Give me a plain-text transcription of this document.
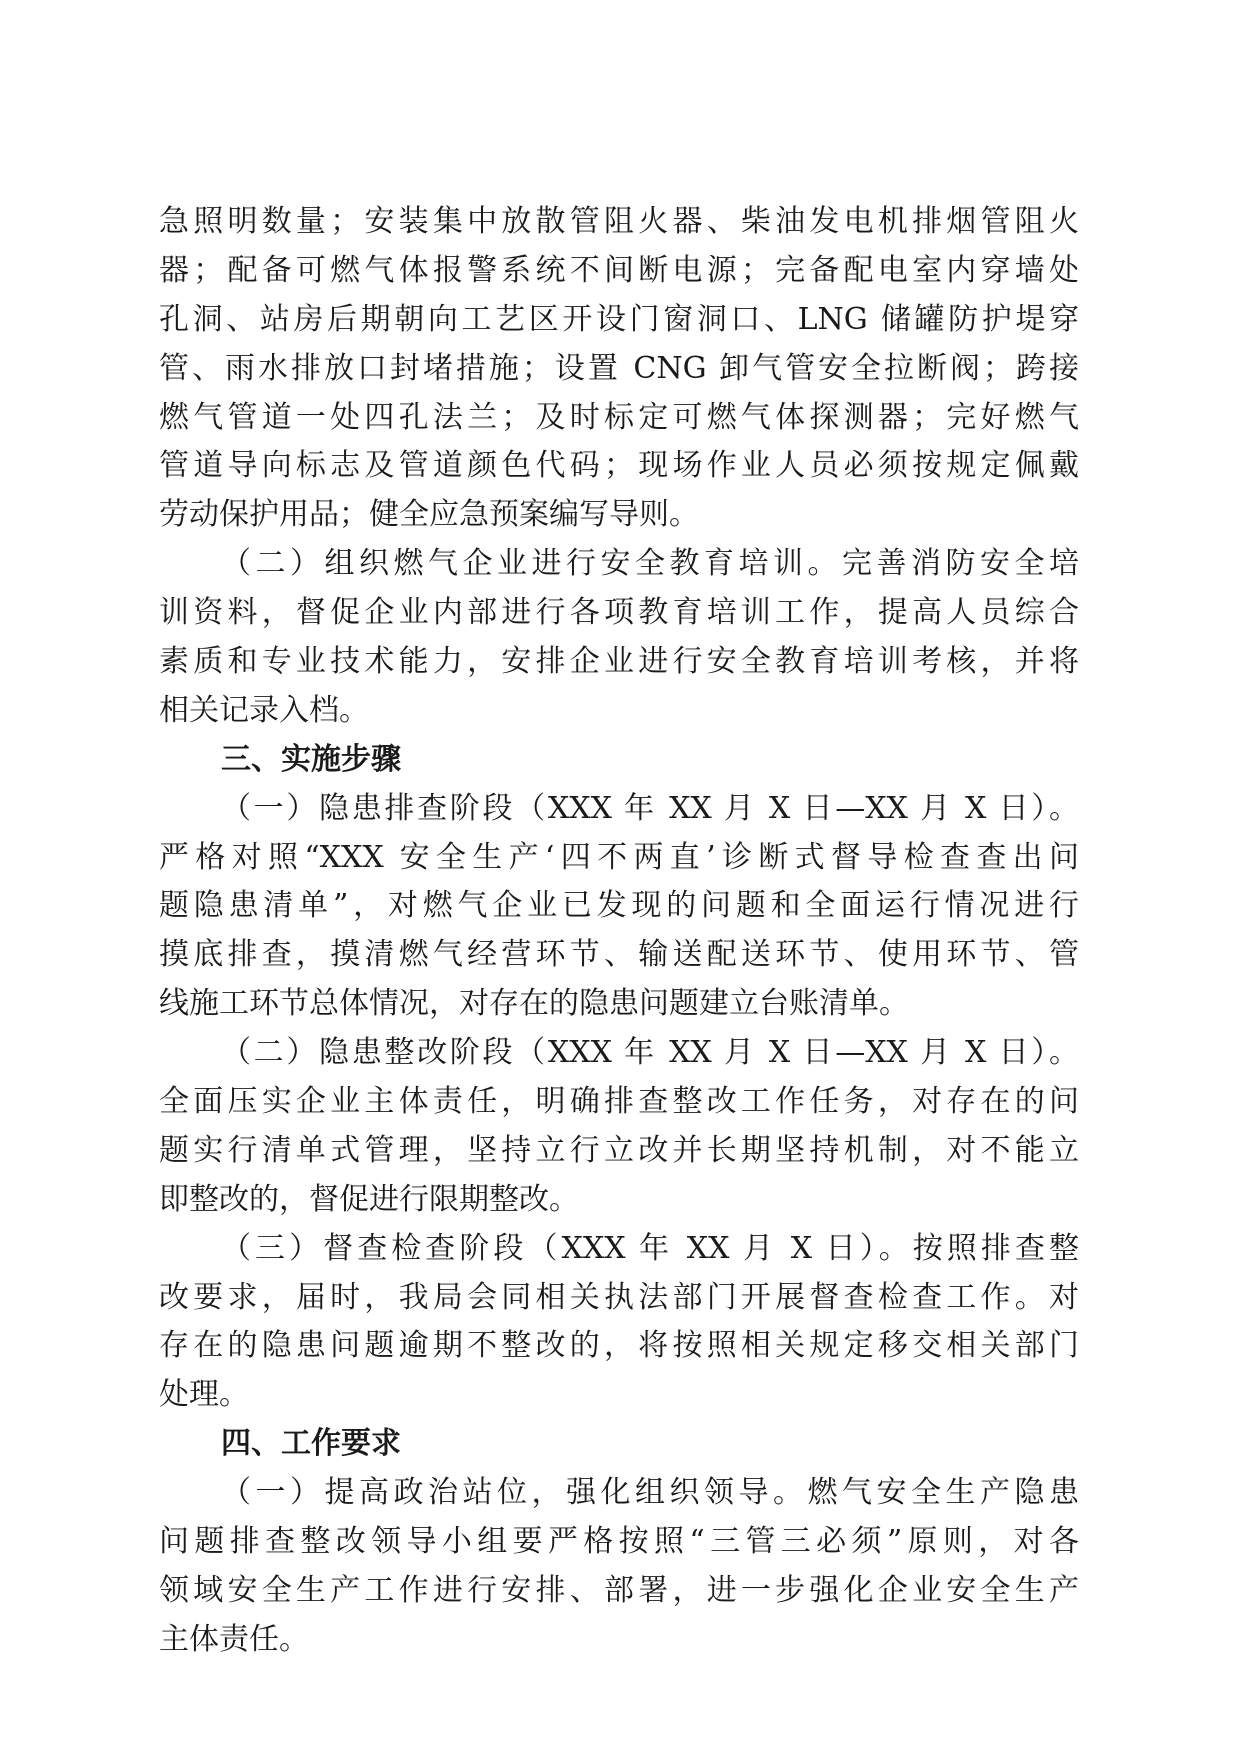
急照明数量；安装集中放散管阻火器、柴油发电机排烟管阻火
器；配备可燃气体报警系统不间断电源；完备配电室内穿墙处
孔洞、站房后期朝向工艺区开设门窗洞口、LNG 储罐防护堤穿
管、雨水排放口封堵措施；设置 CNG 卸气管安全拉断阀；跨接
燃气管道一处四孔法兰；及时标定可燃气体探测器；完好燃气
管道导向标志及管道颜色代码；现场作业人员必须按规定佩戴
劳动保护用品；健全应急预案编写导则。
（二）组织燃气企业进行安全教育培训。完善消防安全培
训资料，督促企业内部进行各项教育培训工作，提高人员综合
素质和专业技术能力，安排企业进行安全教育培训考核，并将
相关记录入档。
三、实施步骤
（一）隐患排查阶段（XXX 年 XX 月 X 日—XX 月 X 日）。
严格对照“XXX 安全生产‘四不两直’诊断式督导检查查出问
题隐患清单”，对燃气企业已发现的问题和全面运行情况进行
摸底排查，摸清燃气经营环节、输送配送环节、使用环节、管
线施工环节总体情况，对存在的隐患问题建立台账清单。
（二）隐患整改阶段（XXX 年 XX 月 X 日—XX 月 X 日）。
全面压实企业主体责任，明确排查整改工作任务，对存在的问
题实行清单式管理，坚持立行立改并长期坚持机制，对不能立
即整改的，督促进行限期整改。
（三）督查检查阶段（XXX 年 XX 月 X 日）。按照排查整
改要求，届时，我局会同相关执法部门开展督查检查工作。对
存在的隐患问题逾期不整改的，将按照相关规定移交相关部门
处理。
四、工作要求
（一）提高政治站位，强化组织领导。燃气安全生产隐患
问题排查整改领导小组要严格按照“三管三必须”原则，对各
领域安全生产工作进行安排、部署，进一步强化企业安全生产
主体责任。
